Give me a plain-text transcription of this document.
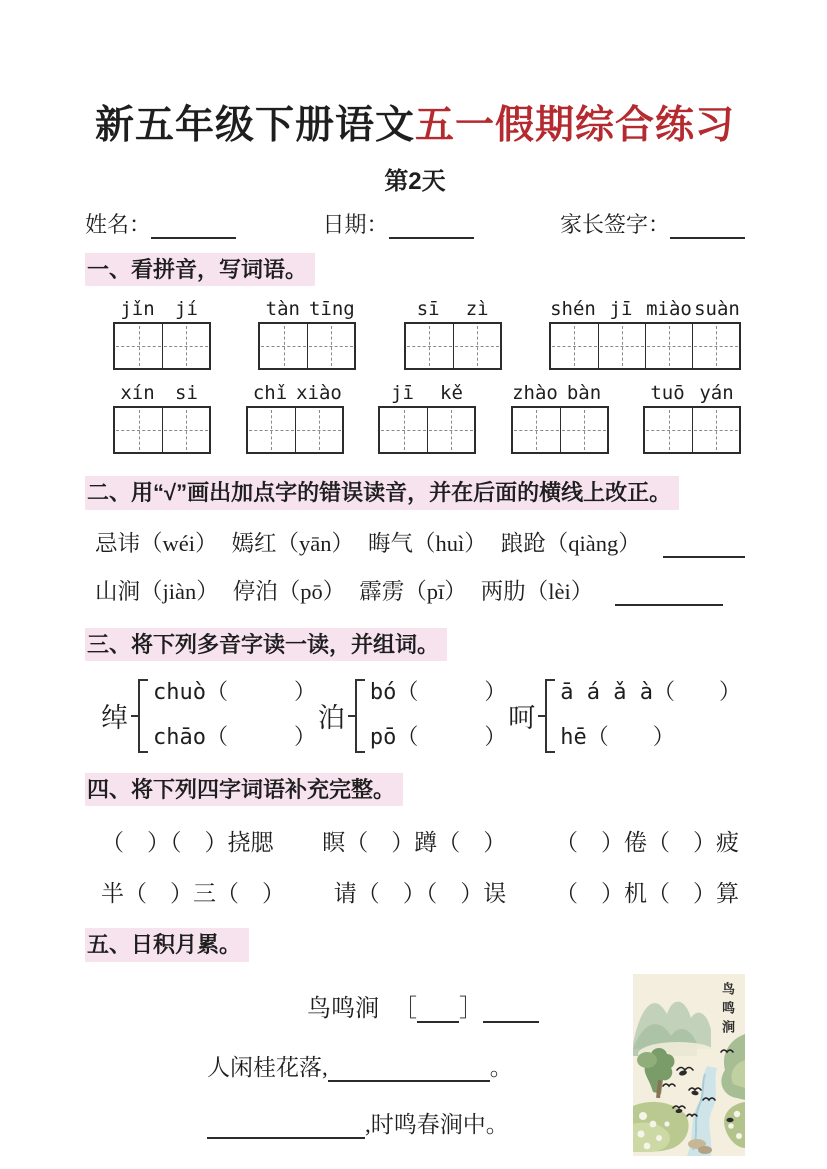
新五年级下册语文五一假期综合练习
第2天
姓名：	日期：	家长签字：
一、看拼音，写词语。
jǐn	jí	tàn tīng	sī	zì	shén jī miào suàn
xín	si	chǐ xiào	jī	kě	zhào bàn	tuō yán
二、用“√”画出加点字的错误读音，并在后面的横线上改正。
忌讳（wéi） 嫣红（yān） 晦气（huì） 踉跄（qiàng）
山涧（jiàn） 停泊（pō） 霹雳（pī） 两肋（lèi）
三、将下列多音字读一读，并组词。
绰
chuò（　　　）
chāo（　　　）
泊
bó（　　　）
pō（　　　）
呵
ā á ǎ à（　　）
hē（　　）
四、将下列四字词语补充完整。
（　）（　）挠腮 瞑（　）蹲（　） （　）倦（　）疲
半（　）三（　） 请（　）（　）误 （　）机（　）算
五、日积月累。
鸟鸣涧 ［ ］
人闲桂花落,	。
,时鸣春涧中。
鸟鸣涧
